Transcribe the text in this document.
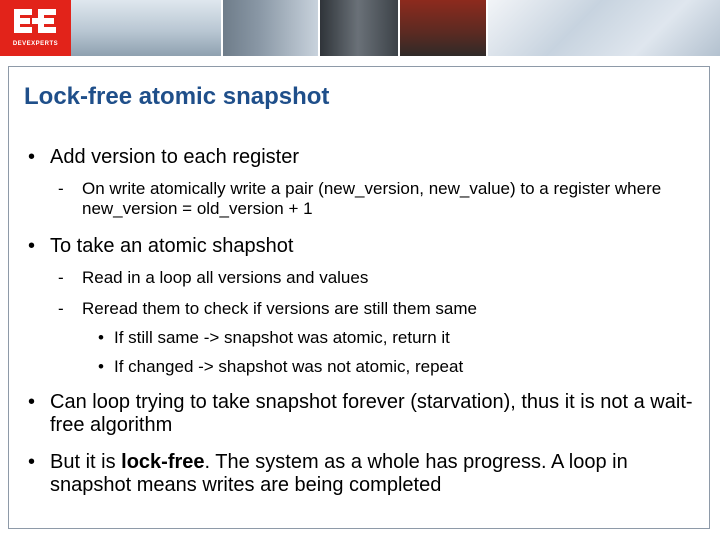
DEVEXPERTS
Lock-free atomic snapshot
• Add version to each register
- On write atomically write a pair (new_version, new_value) to a register where new_version = old_version + 1
• To take an atomic shapshot
- Read in a loop all versions and values
- Reread them to check if versions are still them same
• If still same -> snapshot was atomic, return it
• If changed -> shapshot was not atomic, repeat
• Can loop trying to take snapshot forever (starvation), thus it is not a wait-free algorithm
• But it is lock-free. The system as a whole has progress. A loop in snapshot means writes are being completed
